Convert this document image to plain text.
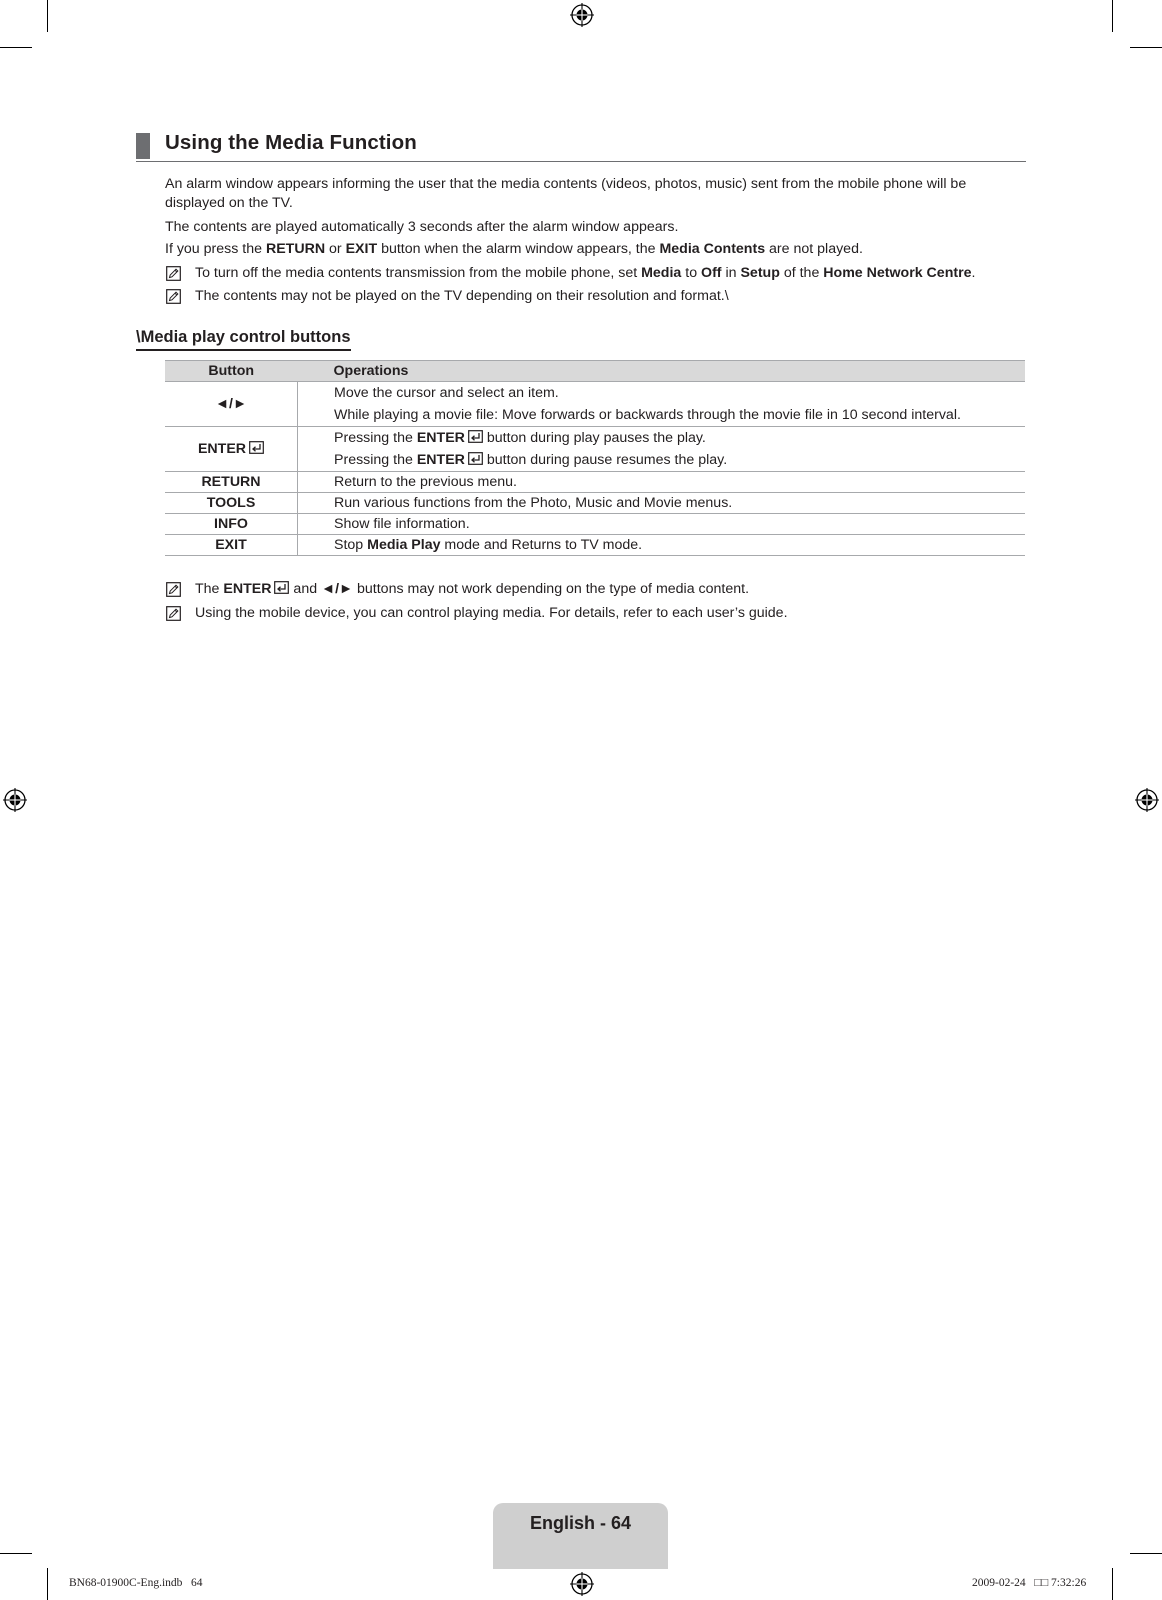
Using the Media Function
An alarm window appears informing the user that the media contents (videos, photos, music) sent from the mobile phone will be displayed on the TV.
The contents are played automatically 3 seconds after the alarm window appears.
If you press the RETURN or EXIT button when the alarm window appears, the Media Contents are not played.
To turn off the media contents transmission from the mobile phone, set Media to Off in Setup of the Home Network Centre.
The contents may not be played on the TV depending on their resolution and format.\
\Media play control buttons
Button	Operations
◄/►	Move the cursor and select an item.
While playing a movie file: Move forwards or backwards through the movie file in 10 second interval.

ENTER	Pressing the ENTER button during play pauses the play.
Pressing the ENTER button during pause resumes the play.

RETURN	Return to the previous menu.

TOOLS	Run various functions from the Photo, Music and Movie menus.

INFO	Show file information.

EXIT	Stop Media Play mode and Returns to TV mode.
The ENTER and ◄/► buttons may not work depending on the type of media content.
Using the mobile device, you can control playing media. For details, refer to each user’s guide.
English - 64
BN68-01900C-Eng.indb   64	2009-02-24   □□ 7:32:26
